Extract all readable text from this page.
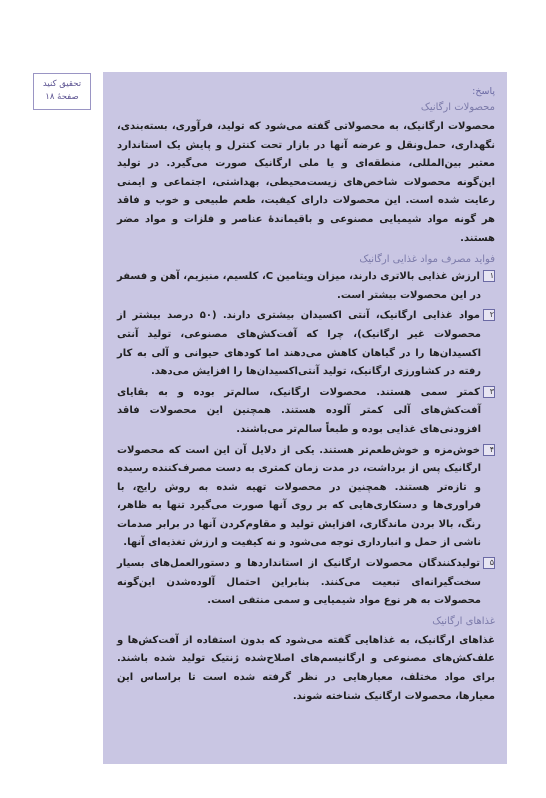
تحقیق کنید
صفحهٔ ۱۸	پاسخ:

محصولات ارگانیک

محصولات ارگانیک، به محصولاتی گفته می‌شود که تولید، فرآوری، بسته‌بندی، نگهداری، حمل‌ونقل و عرضه آنها در بازار تحت کنترل و پایش یک استاندارد معتبر بین‌المللی، منطقه‌ای و یا ملی ارگانیک صورت می‌گیرد. در تولید این‌گونه محصولات شاخص‌های زیست‌محیطی، بهداشتی، اجتماعی و ایمنی رعایت شده است. این محصولات دارای کیفیت، طعم طبیعی و خوب و فاقد هر گونه مواد شیمیایی مصنوعی و باقیماندهٔ عناصر و فلزات و مواد مضر هستند.

فواید مصرف مواد غذایی ارگانیک

۱ارزش غذایی بالاتری دارند، میزان ویتامین C، کلسیم، منیزیم، آهن و فسفر در این محصولات بیشتر است.

۲مواد غذایی ارگانیک، آنتی اکسیدان بیشتری دارند. (۵۰ درصد بیشتر از محصولات غیر ارگانیک)، چرا که آفت‌کش‌های مصنوعی، تولید آنتی اکسیدان‌ها را در گیاهان کاهش می‌دهند اما کودهای حیوانی و آلی به کار رفته در کشاورزی ارگانیک، تولید آنتی‌اکسیدان‌ها را افزایش می‌دهد.

۳کمتر سمی هستند. محصولات ارگانیک، سالم‌تر بوده و به بقایای آفت‌کش‌های آلی کمتر آلوده هستند. همچنین این محصولات فاقد افزودنی‌های غذایی بوده و طبعاً سالم‌تر می‌باشند.

۴خوش‌مزه و خوش‌طعم‌تر هستند. یکی از دلایل آن این است که محصولات ارگانیک پس از برداشت، در مدت زمان کمتری به دست مصرف‌کننده رسیده و تازه‌تر هستند. همچنین در محصولات تهیه شده به روش رایج، با فراوری‌ها و دستکاری‌هایی که بر روی آنها صورت می‌گیرد تنها به ظاهر، رنگ، بالا بردن ماندگاری، افزایش تولید و مقاوم‌کردن آنها در برابر صدمات ناشی از حمل و انبارداری توجه می‌شود و نه کیفیت و ارزش تغذیه‌ای آنها.

۵تولیدکنندگان محصولات ارگانیک از استانداردها و دستورالعمل‌های بسیار سخت‌گیرانه‌ای تبعیت می‌کنند. بنابراین احتمال آلوده‌شدن این‌گونه محصولات به هر نوع مواد شیمیایی و سمی منتفی است.

غذاهای ارگانیک

غذاهای ارگانیک، به غذاهایی گفته می‌شود که بدون استفاده از آفت‌کش‌ها و علف‌کش‌های مصنوعی و ارگانیسم‌های اصلاح‌شده ژنتیک تولید شده باشند. برای مواد مختلف، معیارهایی در نظر گرفته شده است تا براساس این معیارها، محصولات ارگانیک شناخته شوند.
